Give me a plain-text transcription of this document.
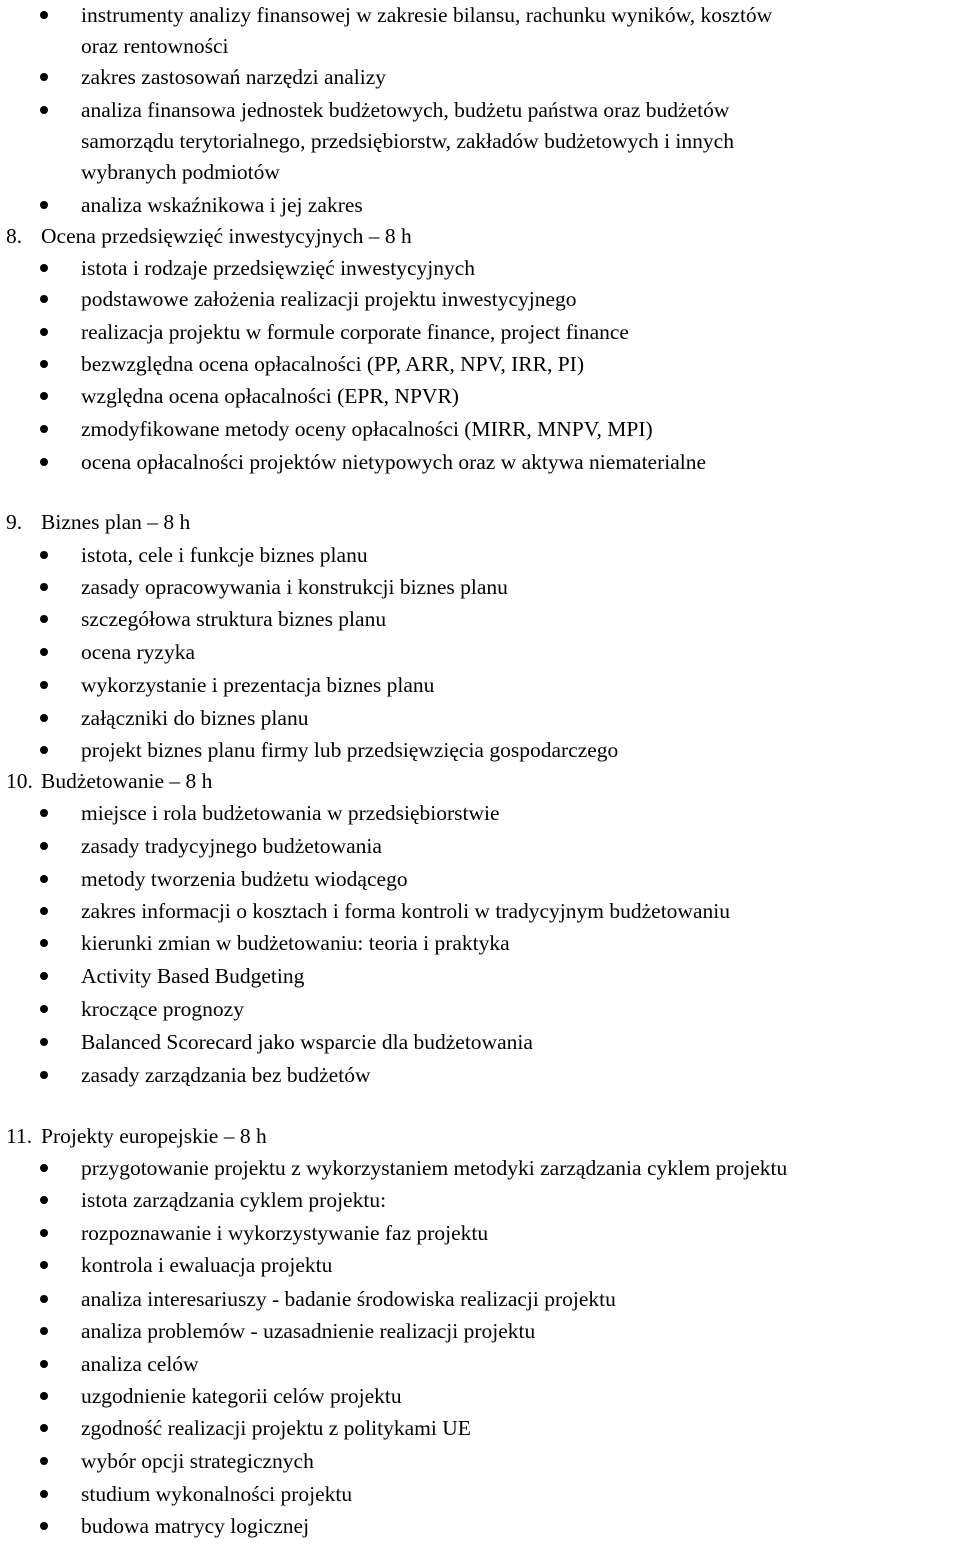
instrumenty analizy finansowej w zakresie bilansu, rachunku wyników, kosztów
oraz rentowności
zakres zastosowań narzędzi analizy
analiza finansowa jednostek budżetowych, budżetu państwa oraz budżetów
samorządu terytorialnego, przedsiębiorstw, zakładów budżetowych i innych
wybranych podmiotów
analiza wskaźnikowa i jej zakres
8. Ocena przedsięwzięć inwestycyjnych – 8 h
istota i rodzaje przedsięwzięć inwestycyjnych
podstawowe założenia realizacji projektu inwestycyjnego
realizacja projektu w formule corporate finance, project finance
bezwzględna ocena opłacalności (PP, ARR, NPV, IRR, PI)
względna ocena opłacalności (EPR, NPVR)
zmodyfikowane metody oceny opłacalności (MIRR, MNPV, MPI)
ocena opłacalności projektów nietypowych oraz w aktywa niematerialne
9. Biznes plan – 8 h
istota, cele i funkcje biznes planu
zasady opracowywania i konstrukcji biznes planu
szczegółowa struktura biznes planu
ocena ryzyka
wykorzystanie i prezentacja biznes planu
załączniki do biznes planu
projekt biznes planu firmy lub przedsięwzięcia gospodarczego
10. Budżetowanie – 8 h
miejsce i rola budżetowania w przedsiębiorstwie
zasady tradycyjnego budżetowania
metody tworzenia budżetu wiodącego
zakres informacji o kosztach i forma kontroli w tradycyjnym budżetowaniu
kierunki zmian w budżetowaniu: teoria i praktyka
Activity Based Budgeting
kroczące prognozy
Balanced Scorecard jako wsparcie dla budżetowania
zasady zarządzania bez budżetów
11. Projekty europejskie – 8 h
przygotowanie projektu z wykorzystaniem metodyki zarządzania cyklem projektu
istota zarządzania cyklem projektu:
rozpoznawanie i wykorzystywanie faz projektu
kontrola i ewaluacja projektu
analiza interesariuszy - badanie środowiska realizacji projektu
analiza problemów - uzasadnienie realizacji projektu
analiza celów
uzgodnienie kategorii celów projektu
zgodność realizacji projektu z politykami UE
wybór opcji strategicznych
studium wykonalności projektu
budowa matrycy logicznej
